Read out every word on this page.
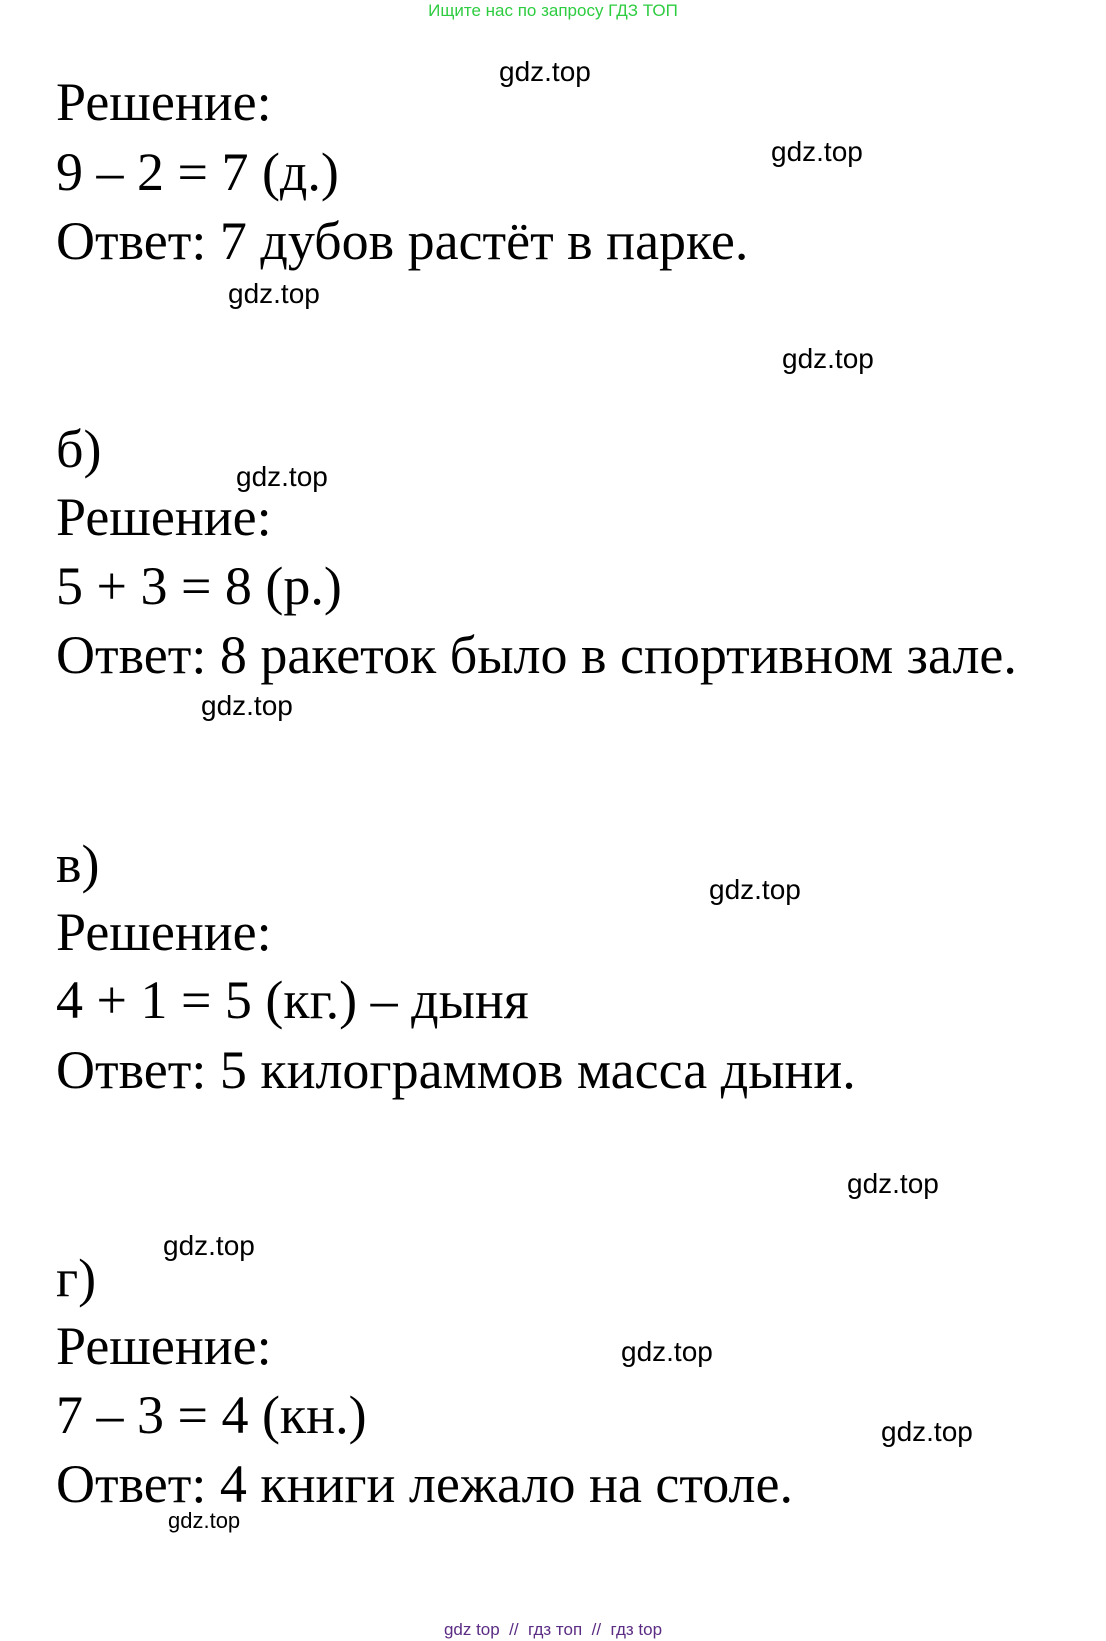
Ищите нас по запросу ГДЗ ТОП
Решение:
9 – 2 = 7 (д.)
Ответ: 7 дубов растёт в парке.
б)
Решение:
5 + 3 = 8 (р.)
Ответ: 8 ракеток было в спортивном зале.
в)
Решение:
4 + 1 = 5 (кг.) – дыня
Ответ: 5 килограммов масса дыни.
г)
Решение:
7 – 3 = 4 (кн.)
Ответ: 4 книги лежало на столе.
gdz.top
gdz.top
gdz.top
gdz.top
gdz.top
gdz.top
gdz.top
gdz.top
gdz.top
gdz.top
gdz.top
gdz.top
gdz top  //  гдз топ  //  гдз top
